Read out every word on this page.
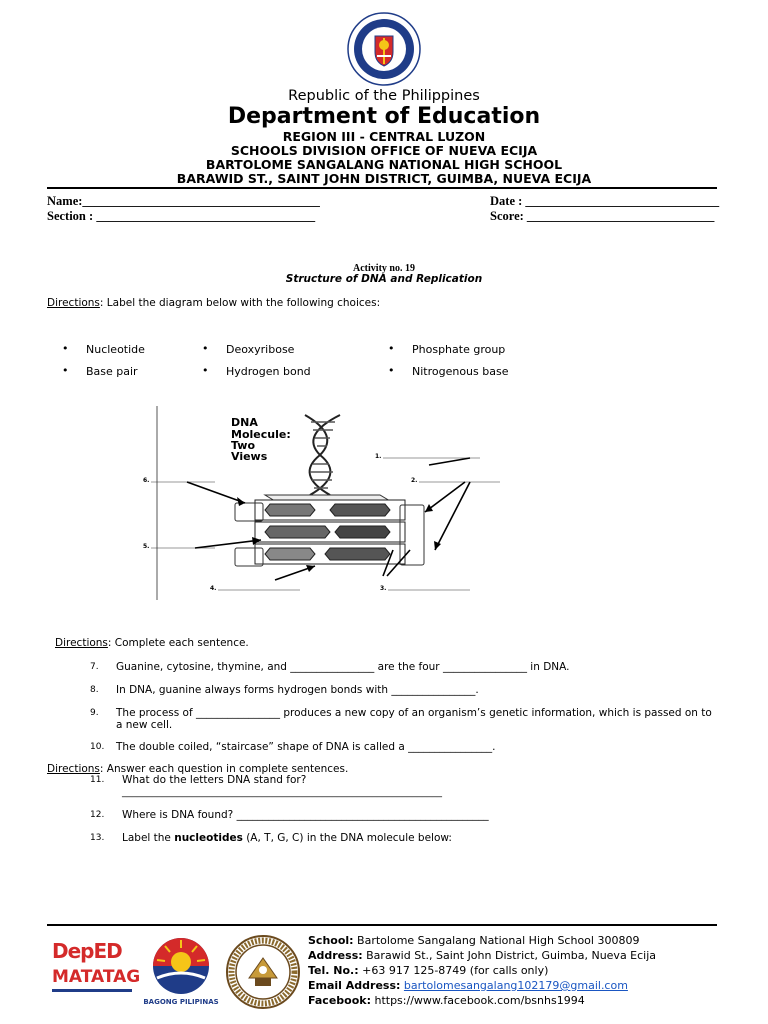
Republic of the Philippines
Department of Education
REGION III - CENTRAL LUZON
SCHOOLS DIVISION OFFICE OF NUEVA ECIJA
BARTOLOME SANGALANG NATIONAL HIGH SCHOOL
BARAWID ST., SAINT JOHN DISTRICT, GUIMBA, NUEVA ECIJA
Name:______________________________________	Date : _______________________________
Section : ___________________________________	Score: ______________________________
Activity no. 19
Structure of DNA and Replication
Directions: Label the diagram below with the following choices:
• Nucleotide	• Deoxyribose	• Phosphate group
• Base pair	• Hydrogen bond	• Nitrogenous base
DNA
Molecule:
Two
Views	1.
2.
3.
4.
5.
6.
Directions: Complete each sentence.
7. Guanine, cytosine, thymine, and ________________ are the four ________________ in DNA.
8. In DNA, guanine always forms hydrogen bonds with ________________.
9. The process of ________________ produces a new copy of an organism’s genetic information, which is passed on to
a new cell.
10. The double coiled, “staircase” shape of DNA is called a ________________.
Directions: Answer each question in complete sentences.
11. What do the letters DNA stand for?
________________________________________________________________
12. Where is DNA found? ________________________________________________
13. Label the nucleotides (A, T, G, C) in the DNA molecule below:
DepED
MATATAG
BAGONG PILIPINAS
School: Bartolome Sangalang National High School 300809
Address: Barawid St., Saint John District, Guimba, Nueva Ecija
Tel. No.: +63 917 125-8749 (for calls only)
Email Address: bartolomesangalang102179@gmail.com
Facebook: https://www.facebook.com/bsnhs1994
